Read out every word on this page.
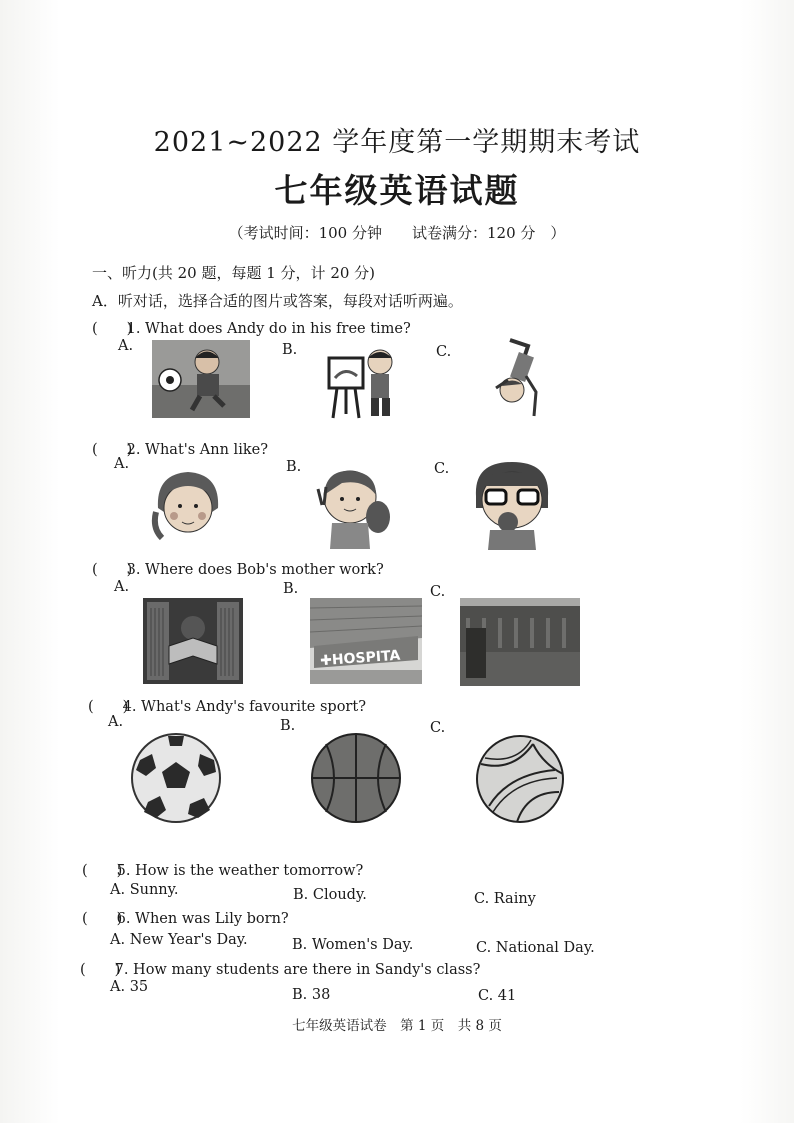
2021~2022 学年度第一学期期末考试
七年级英语试题
（考试时间：100 分钟　　试卷满分：120 分　）
一、听力(共 20 题，每题 1 分，计 20 分)
A．听对话，选择合适的图片或答案，每段对话听两遍。
(　　) 1. What does Andy do in his free time?
A.	B.	C.
(　　) 2. What's Ann like?
A.	B.	C.
(　　) 3. Where does Bob's mother work?
A.	B.	C.
✚HOSPITA
(　　) 4. What's Andy's favourite sport?
A.	B.	C.
(　　) 5. How is the weather tomorrow?
A. Sunny.	B. Cloudy.	C. Rainy
(　　) 6. When was Lily born?
A. New Year's Day.	B. Women's Day.	C. National Day.
(　　) 7. How many students are there in Sandy's class?
A. 35	B. 38	C. 41
七年级英语试卷　第 1 页　共 8 页
